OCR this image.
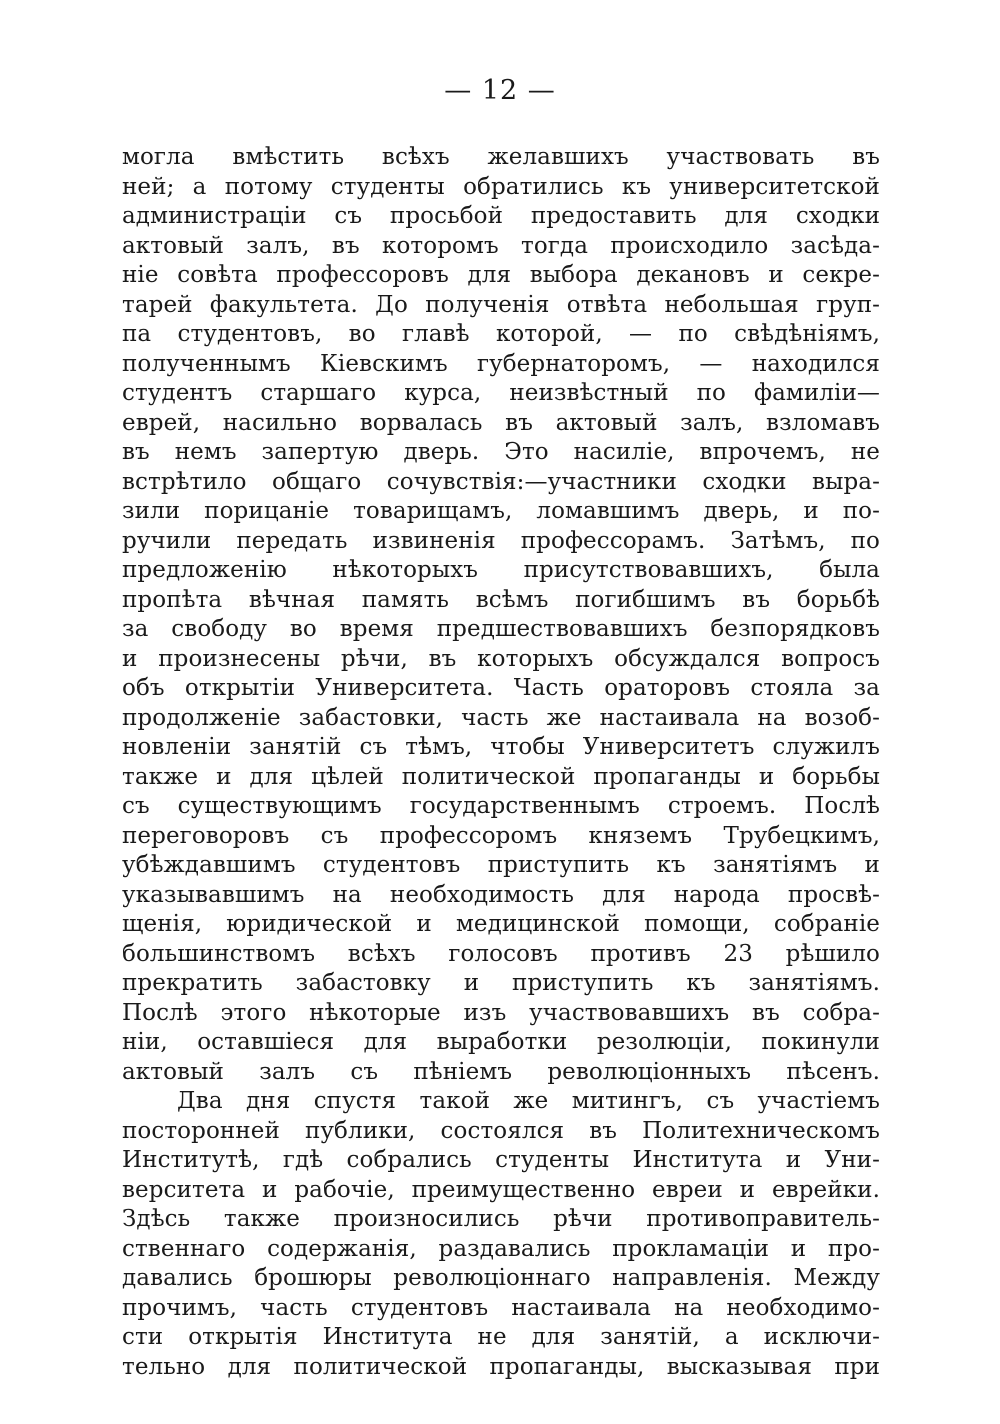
— 12 —
могла вмѣстить всѣхъ желавшихъ участвовать въ
ней; а потому студенты обратились къ университетской
администраціи съ просьбой предоставить для сходки
актовый залъ, въ которомъ тогда происходило засѣда-
ніе совѣта профессоровъ для выбора декановъ и секре-
тарей факультета. До полученія отвѣта небольшая груп-
па студентовъ, во главѣ которой, — по свѣдѣніямъ,
полученнымъ Кіевскимъ губернаторомъ, — находился
студентъ старшаго курса, неизвѣстный по фамиліи—
еврей, насильно ворвалась въ актовый залъ, взломавъ
въ немъ запертую дверь. Это насиліе, впрочемъ, не
встрѣтило общаго сочувствія:—участники сходки выра-
зили порицаніе товарищамъ, ломавшимъ дверь, и по-
ручили передать извиненія профессорамъ. Затѣмъ, по
предложенію нѣкоторыхъ присутствовавшихъ, была
пропѣта вѣчная память всѣмъ погибшимъ въ борьбѣ
за свободу во время предшествовавшихъ безпорядковъ
и произнесены рѣчи, въ которыхъ обсуждался вопросъ
объ открытіи Университета. Часть ораторовъ стояла за
продолженіе забастовки, часть же настаивала на возоб-
новленіи занятій съ тѣмъ, чтобы Университетъ служилъ
также и для цѣлей политической пропаганды и борьбы
съ существующимъ государственнымъ строемъ. Послѣ
переговоровъ съ профессоромъ княземъ Трубецкимъ,
убѣждавшимъ студентовъ приступить къ занятіямъ и
указывавшимъ на необходимость для народа просвѣ-
щенія, юридической и медицинской помощи, собраніе
большинствомъ всѣхъ голосовъ противъ 23 рѣшило
прекратить забастовку и приступить къ занятіямъ.
Послѣ этого нѣкоторые изъ участвовавшихъ въ собра-
ніи, оставшіеся для выработки резолюціи, покинули
актовый залъ съ пѣніемъ революціонныхъ пѣсенъ.
Два дня спустя такой же митингъ, съ участіемъ
посторонней публики, состоялся въ Политехническомъ
Институтѣ, гдѣ собрались студенты Института и Уни-
верситета и рабочіе, преимущественно евреи и еврейки.
Здѣсь также произносились рѣчи противоправитель-
ственнаго содержанія, раздавались прокламаціи и про-
давались брошюры революціоннаго направленія. Между
прочимъ, часть студентовъ настаивала на необходимо-
сти открытія Института не для занятій, а исключи-
тельно для политической пропаганды, высказывая при
